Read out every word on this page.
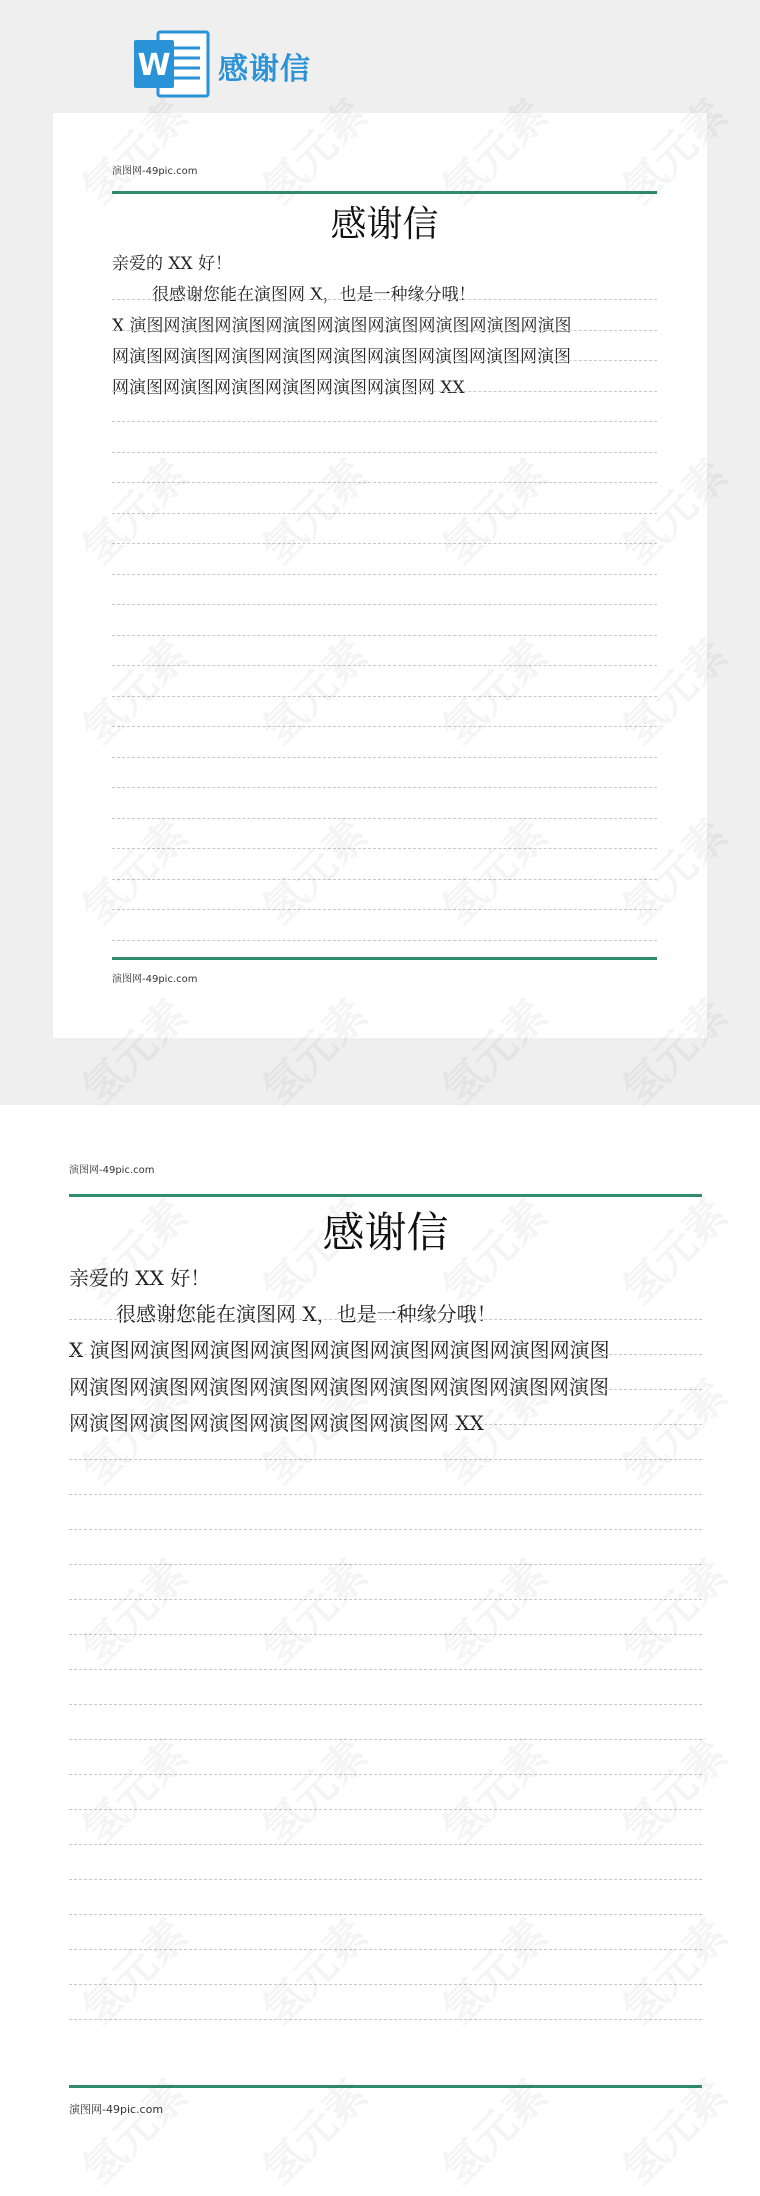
W 感谢信
演图网-49pic.com
感谢信
亲爱的 XX 好！
很感谢您能在演图网 X，也是一种缘分哦！
X 演图网演图网演图网演图网演图网演图网演图网演图网演图
网演图网演图网演图网演图网演图网演图网演图网演图网演图
网演图网演图网演图网演图网演图网演图网 XX
演图网-49pic.com
演图网-49pic.com
感谢信
亲爱的 XX 好！
很感谢您能在演图网 X，也是一种缘分哦！
X 演图网演图网演图网演图网演图网演图网演图网演图网演图
网演图网演图网演图网演图网演图网演图网演图网演图网演图
网演图网演图网演图网演图网演图网演图网 XX
演图网-49pic.com
